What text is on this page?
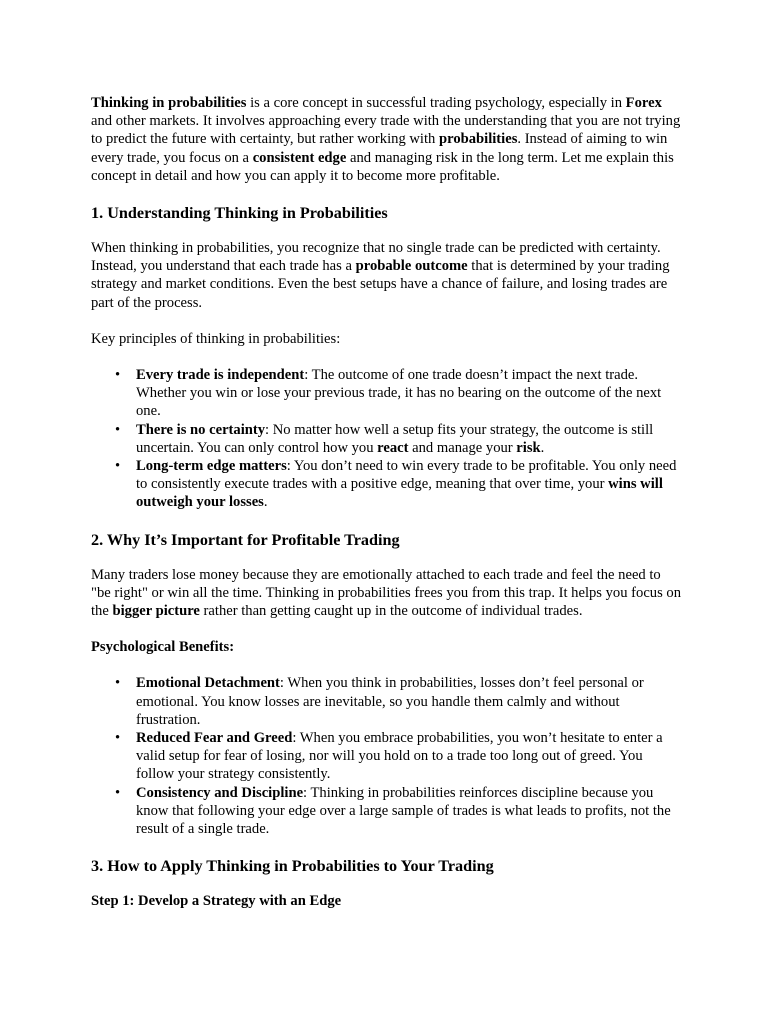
Thinking in probabilities is a core concept in successful trading psychology, especially in Forex and other markets. It involves approaching every trade with the understanding that you are not trying to predict the future with certainty, but rather working with probabilities. Instead of aiming to win every trade, you focus on a consistent edge and managing risk in the long term. Let me explain this concept in detail and how you can apply it to become more profitable.

1. Understanding Thinking in Probabilities

When thinking in probabilities, you recognize that no single trade can be predicted with certainty. Instead, you understand that each trade has a probable outcome that is determined by your trading strategy and market conditions. Even the best setups have a chance of failure, and losing trades are part of the process.

Key principles of thinking in probabilities:

• Every trade is independent: The outcome of one trade doesn’t impact the next trade. Whether you win or lose your previous trade, it has no bearing on the outcome of the next one.
• There is no certainty: No matter how well a setup fits your strategy, the outcome is still uncertain. You can only control how you react and manage your risk.
• Long-term edge matters: You don’t need to win every trade to be profitable. You only need to consistently execute trades with a positive edge, meaning that over time, your wins will outweigh your losses.
2. Why It’s Important for Profitable Trading

Many traders lose money because they are emotionally attached to each trade and feel the need to "be right" or win all the time. Thinking in probabilities frees you from this trap. It helps you focus on the bigger picture rather than getting caught up in the outcome of individual trades.

Psychological Benefits:

• Emotional Detachment: When you think in probabilities, losses don’t feel personal or emotional. You know losses are inevitable, so you handle them calmly and without frustration.
• Reduced Fear and Greed: When you embrace probabilities, you won’t hesitate to enter a valid setup for fear of losing, nor will you hold on to a trade too long out of greed. You follow your strategy consistently.
• Consistency and Discipline: Thinking in probabilities reinforces discipline because you know that following your edge over a large sample of trades is what leads to profits, not the result of a single trade.
3. How to Apply Thinking in Probabilities to Your Trading

Step 1: Develop a Strategy with an Edge
